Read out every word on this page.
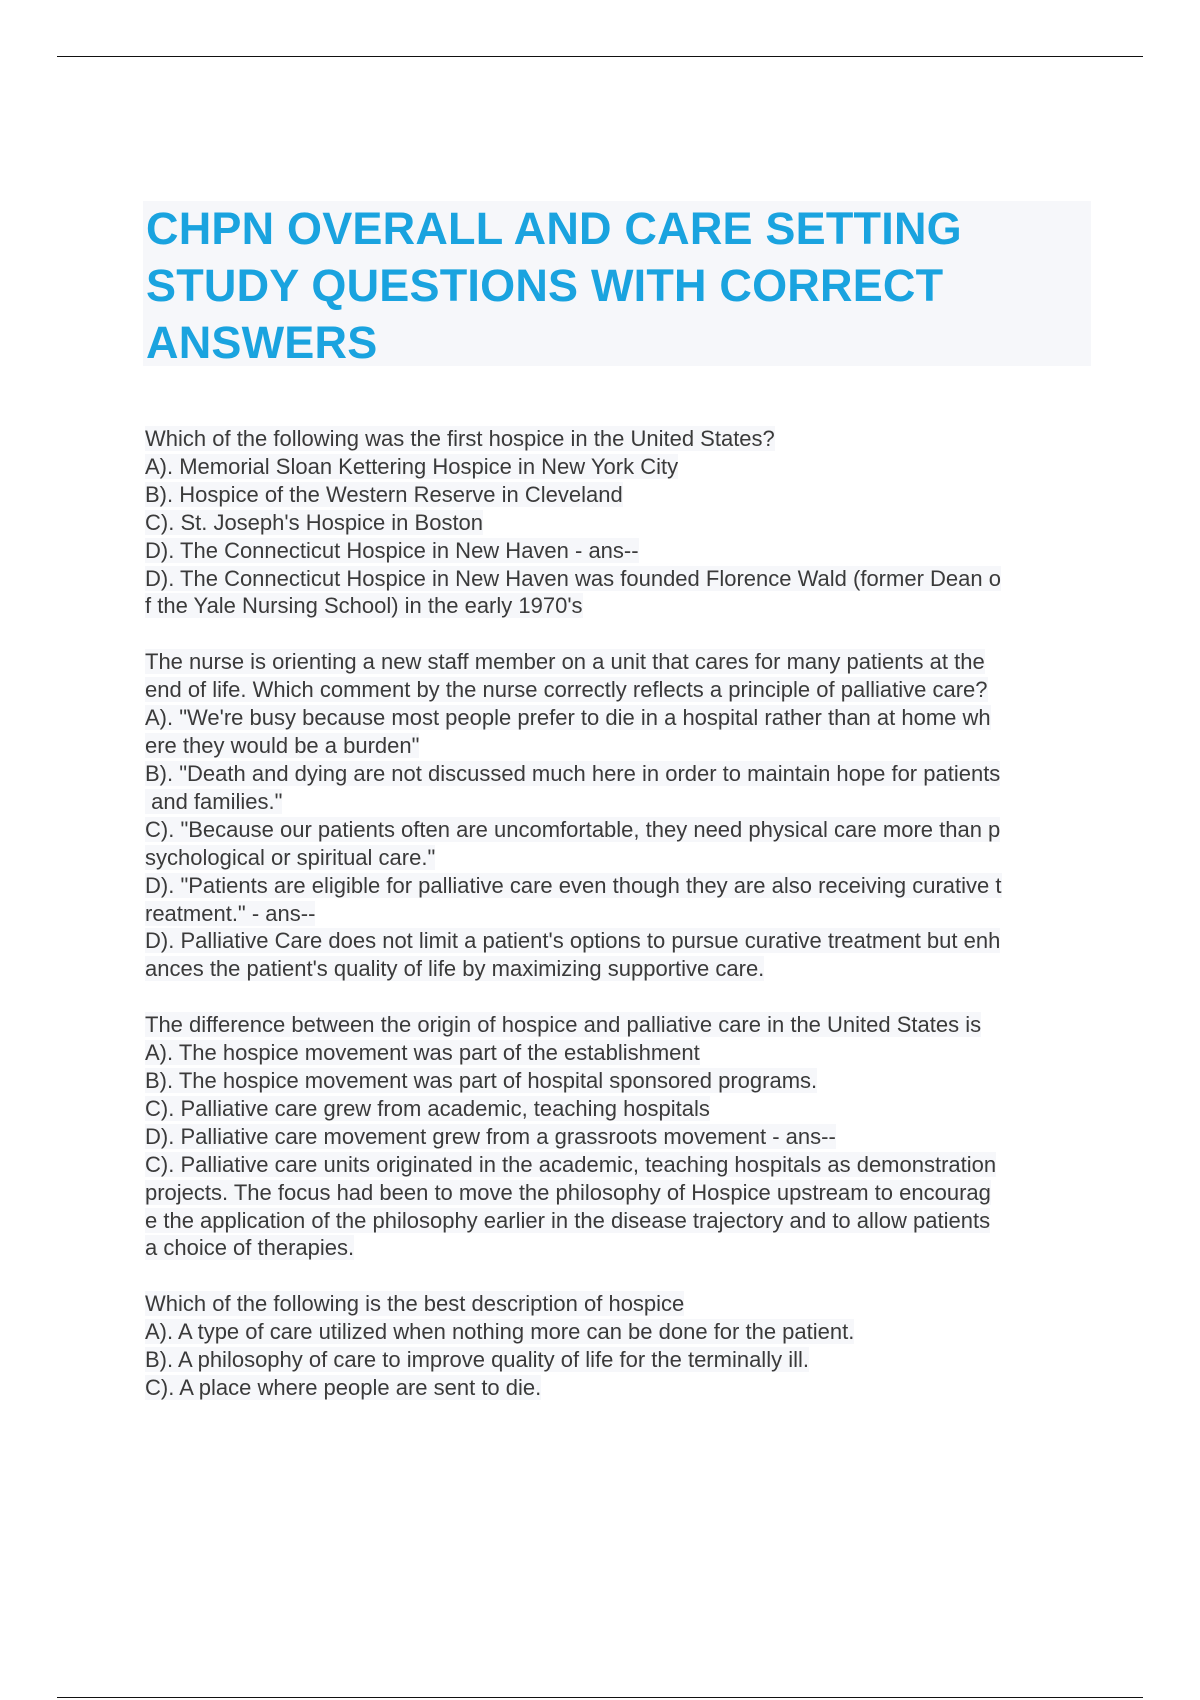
CHPN OVERALL AND CARE SETTING
STUDY QUESTIONS WITH CORRECT
ANSWERS
Which of the following was the first hospice in the United States?
A). Memorial Sloan Kettering Hospice in New York City
B). Hospice of the Western Reserve in Cleveland
C). St. Joseph's Hospice in Boston
D). The Connecticut Hospice in New Haven - ans--
D). The Connecticut Hospice in New Haven was founded Florence Wald (former Dean o
f the Yale Nursing School) in the early 1970's
The nurse is orienting a new staff member on a unit that cares for many patients at the
end of life. Which comment by the nurse correctly reflects a principle of palliative care?
A). "We're busy because most people prefer to die in a hospital rather than at home wh
ere they would be a burden"
B). "Death and dying are not discussed much here in order to maintain hope for patients
and families."
C). "Because our patients often are uncomfortable, they need physical care more than p
sychological or spiritual care."
D). "Patients are eligible for palliative care even though they are also receiving curative t
reatment." - ans--
D). Palliative Care does not limit a patient's options to pursue curative treatment but enh
ances the patient's quality of life by maximizing supportive care.
The difference between the origin of hospice and palliative care in the United States is
A). The hospice movement was part of the establishment
B). The hospice movement was part of hospital sponsored programs.
C). Palliative care grew from academic, teaching hospitals
D). Palliative care movement grew from a grassroots movement - ans--
C). Palliative care units originated in the academic, teaching hospitals as demonstration
projects. The focus had been to move the philosophy of Hospice upstream to encourag
e the application of the philosophy earlier in the disease trajectory and to allow patients
a choice of therapies.
Which of the following is the best description of hospice
A). A type of care utilized when nothing more can be done for the patient.
B). A philosophy of care to improve quality of life for the terminally ill.
C). A place where people are sent to die.
